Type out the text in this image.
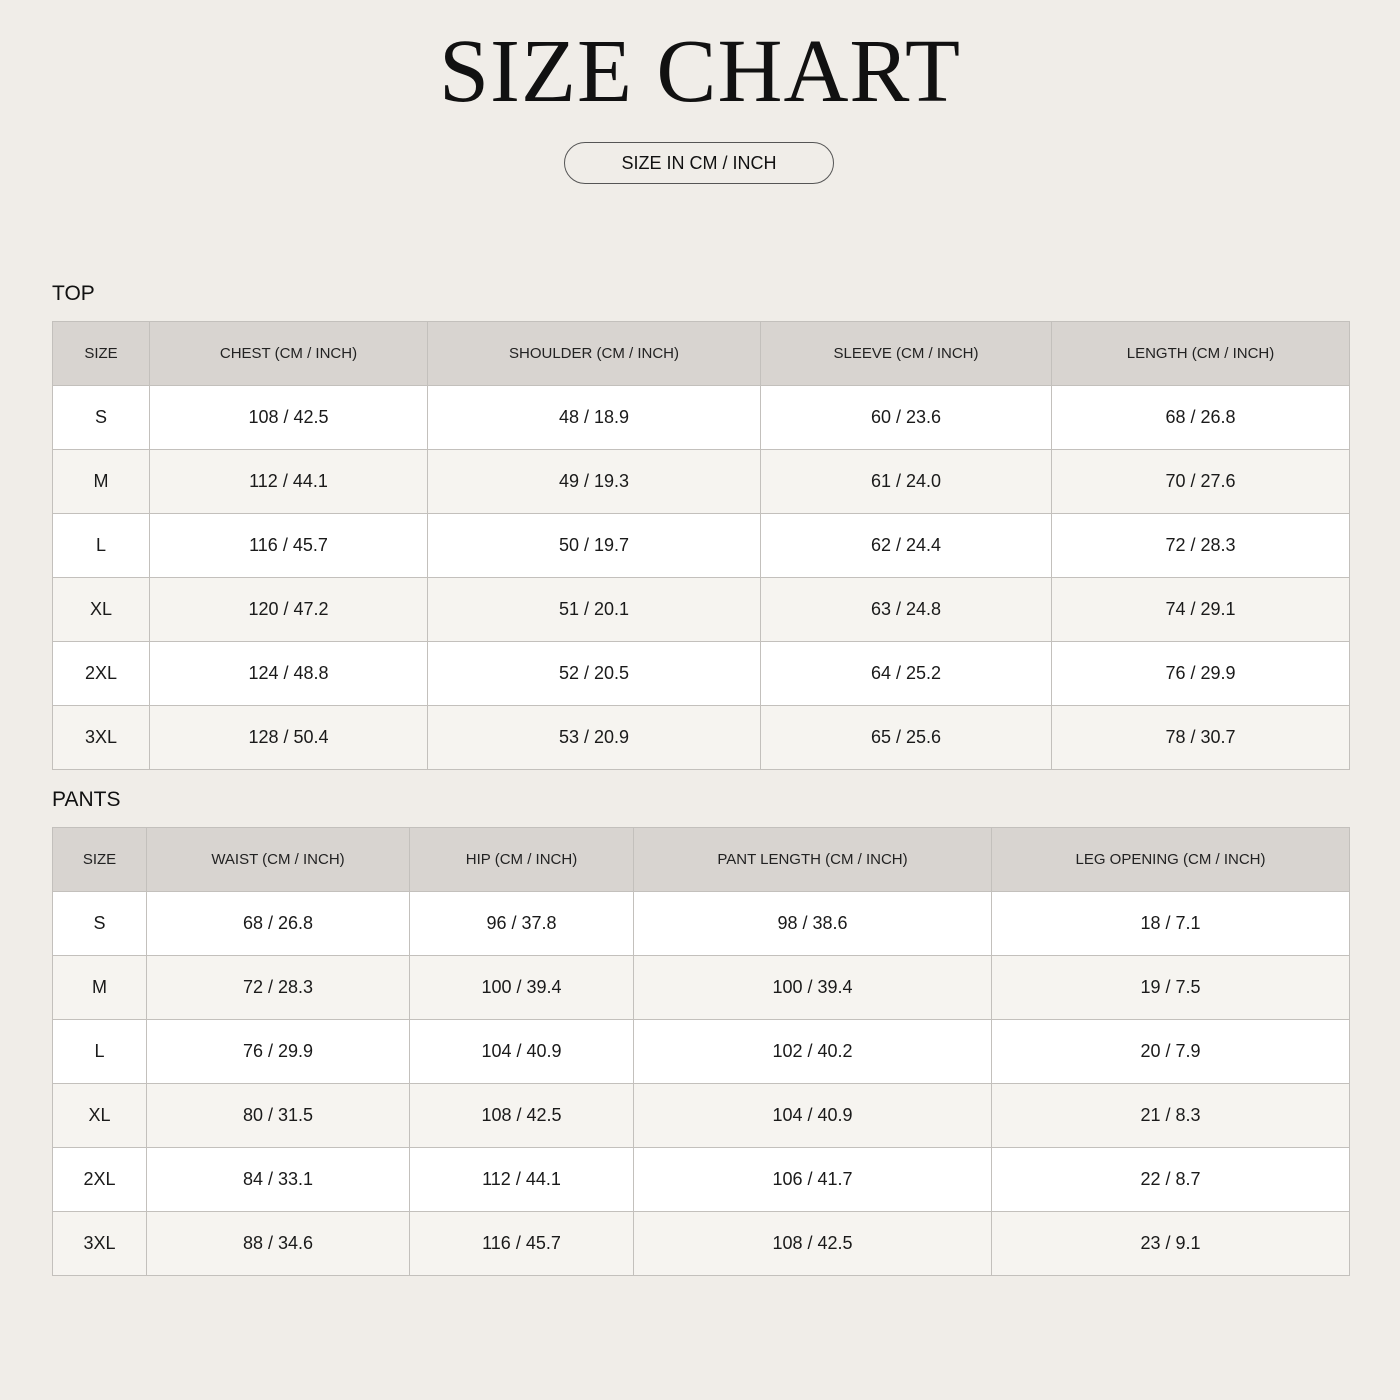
SIZE CHART
SIZE IN CM / INCH
TOP
SIZE	CHEST (CM / INCH)	SHOULDER (CM / INCH)	SLEEVE (CM / INCH)	LENGTH (CM / INCH)
S	108 / 42.5	48 / 18.9	60 / 23.6	68 / 26.8
M	112 / 44.1	49 / 19.3	61 / 24.0	70 / 27.6
L	116 / 45.7	50 / 19.7	62 / 24.4	72 / 28.3
XL	120 / 47.2	51 / 20.1	63 / 24.8	74 / 29.1
2XL	124 / 48.8	52 / 20.5	64 / 25.2	76 / 29.9
3XL	128 / 50.4	53 / 20.9	65 / 25.6	78 / 30.7
PANTS
SIZE	WAIST (CM / INCH)	HIP (CM / INCH)	PANT LENGTH (CM / INCH)	LEG OPENING (CM / INCH)
S	68 / 26.8	96 / 37.8	98 / 38.6	18 / 7.1
M	72 / 28.3	100 / 39.4	100 / 39.4	19 / 7.5
L	76 / 29.9	104 / 40.9	102 / 40.2	20 / 7.9
XL	80 / 31.5	108 / 42.5	104 / 40.9	21 / 8.3
2XL	84 / 33.1	112 / 44.1	106 / 41.7	22 / 8.7
3XL	88 / 34.6	116 / 45.7	108 / 42.5	23 / 9.1
